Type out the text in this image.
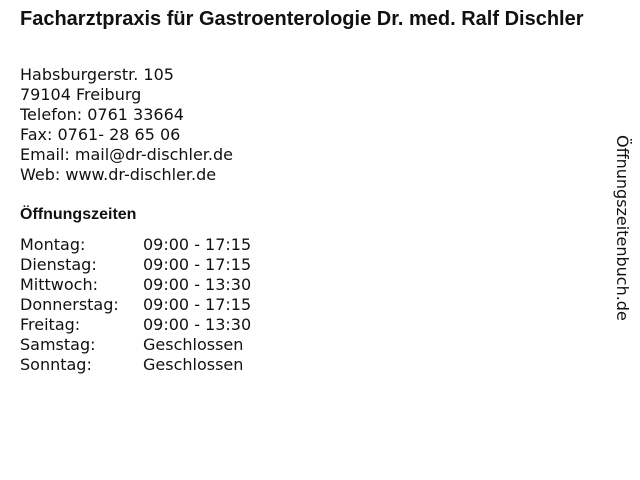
Facharztpraxis für Gastroenterologie Dr. med. Ralf Dischler
Habsburgerstr. 105
79104 Freiburg
Telefon: 0761 33664
Fax: 0761- 28 65 06
Email: mail@dr-dischler.de
Web: www.dr-dischler.de
Öffnungszeiten
Montag:	09:00 - 17:15
Dienstag:	09:00 - 17:15
Mittwoch:	09:00 - 13:30
Donnerstag:	09:00 - 17:15
Freitag:	09:00 - 13:30
Samstag:	Geschlossen
Sonntag:	Geschlossen
Öffnungszeitenbuch.de
